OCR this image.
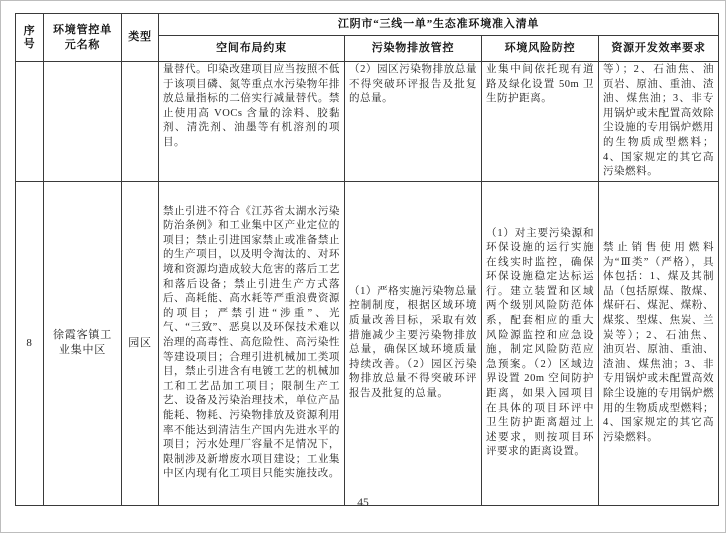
序号	环境管控单元名称	类型	江阴市“三线一单”生态准环境准入清单			
			空间布局约束	污染物排放管控	环境风险防控	资源开发效率要求
			量替代。印染改建项目应当按照不低于该项目磷、氮等重点水污染物年排放总量指标的二倍实行减量替代。禁止使用高 VOCs 含量的涂料、胶黏剂、清洗剂、油墨等有机溶剂的项目。	（2）园区污染物排放总量不得突破环评报告及批复的总量。	业集中间依托现有道路及绿化设置 50m 卫生防护距离。	等）；2、石油焦、油页岩、原油、重油、渣油、煤焦油；3、非专用锅炉或未配置高效除尘设施的专用锅炉燃用的生物质成型燃料；4、国家规定的其它高污染燃料。
8	徐霞客镇工业集中区	园区	禁止引进不符合《江苏省太湖水污染防治条例》和工业集中区产业定位的项目；禁止引进国家禁止或准备禁止的生产项目，以及明令淘汰的、对环境和资源均造成较大危害的落后工艺和落后设备；禁止引进生产方式落后、高耗能、高水耗等严重浪费资源的项目；严禁引进“涉重”、光气、“三致”、恶臭以及环保技术难以治理的高毒性、高危险性、高污染性等建设项目；合理引进机械加工类项目，禁止引进含有电镀工艺的机械加工和工艺品加工项目；限制生产工艺、设备及污染治理技术，单位产品能耗、物耗、污染物排放及资源利用率不能达到清洁生产国内先进水平的项目；污水处理厂容量不足情况下，限制涉及新增废水项目建设；工业集中区内现有化工项目只能实施技改。	（1）严格实施污染物总量控制制度，根据区域环境质量改善目标，采取有效措施减少主要污染物排放总量，确保区域环境质量持续改善。（2）园区污染物排放总量不得突破环评报告及批复的总量。	（1）对主要污染源和环保设施的运行实施在线实时监控，确保环保设施稳定达标运行。建立装置和区域两个级别风险防范体系，配套相应的重大风险源监控和应急设施，制定风险防范应急预案。（2）区域边界设置 20m 空间防护距离，如果入园项目在具体的项目环评中卫生防护距离超过上述要求，则按项目环评要求的距离设置。	禁止销售使用燃料为“Ⅲ类”（严格），具体包括：1、煤及其制品（包括原煤、散煤、煤矸石、煤泥、煤粉、煤浆、型煤、焦炭、兰炭等）；2、石油焦、油页岩、原油、重油、渣油、煤焦油；3、非专用锅炉或未配置高效除尘设施的专用锅炉燃用的生物质成型燃料；4、国家规定的其它高污染燃料。
45
